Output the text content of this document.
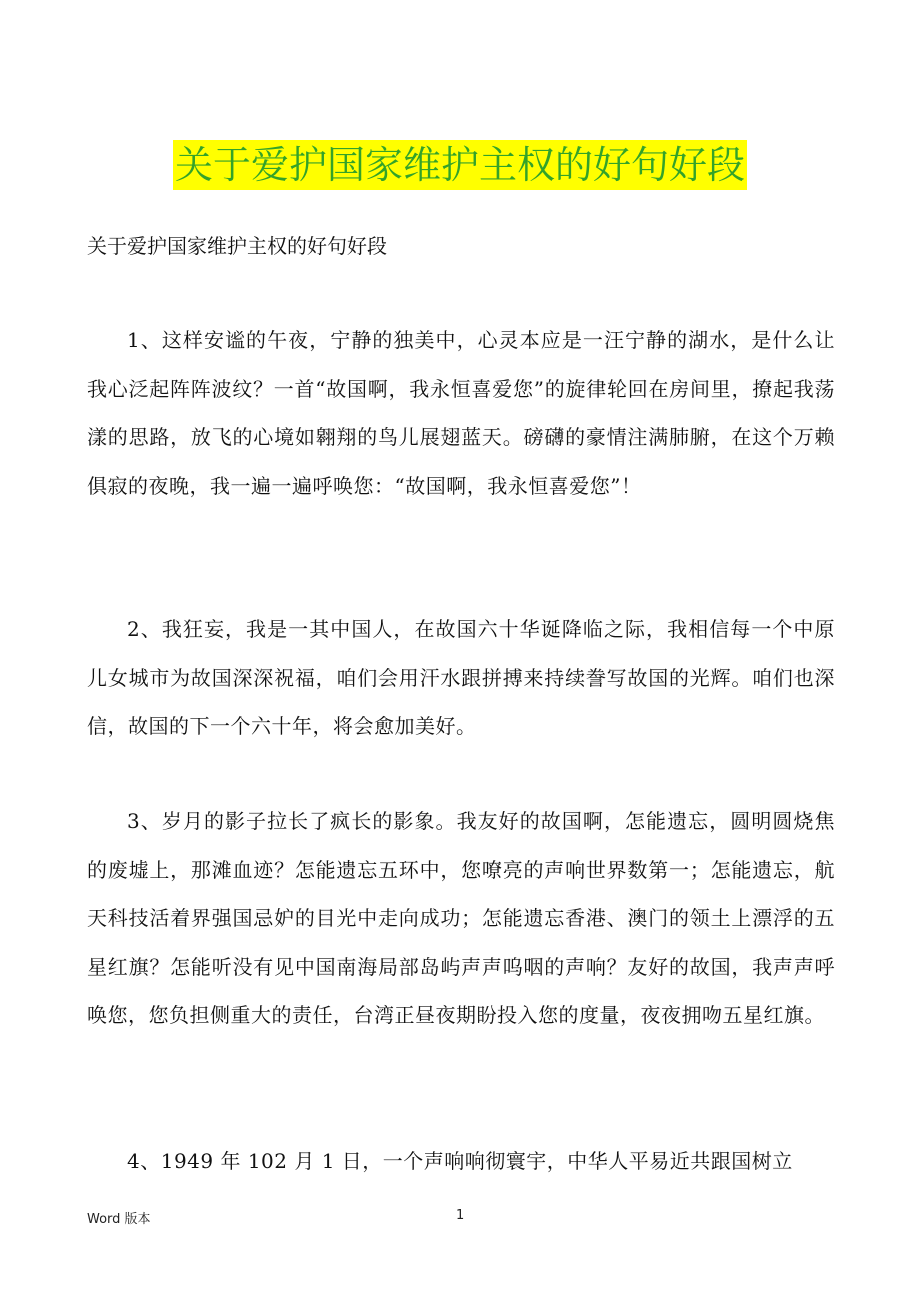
关于爱护国家维护主权的好句好段
关于爱护国家维护主权的好句好段

1、这样安谧的午夜，宁静的独美中，心灵本应是一汪宁静的湖水，是什么让我心泛起阵阵波纹？一首“故国啊，我永恒喜爱您”的旋律轮回在房间里，撩起我荡漾的思路，放飞的心境如翱翔的鸟儿展翅蓝天。磅礴的豪情注满肺腑，在这个万赖俱寂的夜晚，我一遍一遍呼唤您：“故国啊，我永恒喜爱您”！

2、我狂妄，我是一其中国人，在故国六十华诞降临之际，我相信每一个中原儿女城市为故国深深祝福，咱们会用汗水跟拼搏来持续誊写故国的光辉。咱们也深信，故国的下一个六十年，将会愈加美好。

3、岁月的影子拉长了疯长的影象。我友好的故国啊，怎能遗忘，圆明圆烧焦的废墟上，那滩血迹？怎能遗忘五环中，您嘹亮的声响世界数第一；怎能遗忘，航天科技活着界强国忌妒的目光中走向成功；怎能遗忘香港、澳门的领土上漂浮的五星红旗？怎能听没有见中国南海局部岛屿声声呜咽的声响？友好的故国，我声声呼唤您，您负担侧重大的责任，台湾正昼夜期盼投入您的度量，夜夜拥吻五星红旗。

4、1949 年 102 月 1 日，一个声响响彻寰宇，中华人平易近共跟国树立

Word 版本	1
